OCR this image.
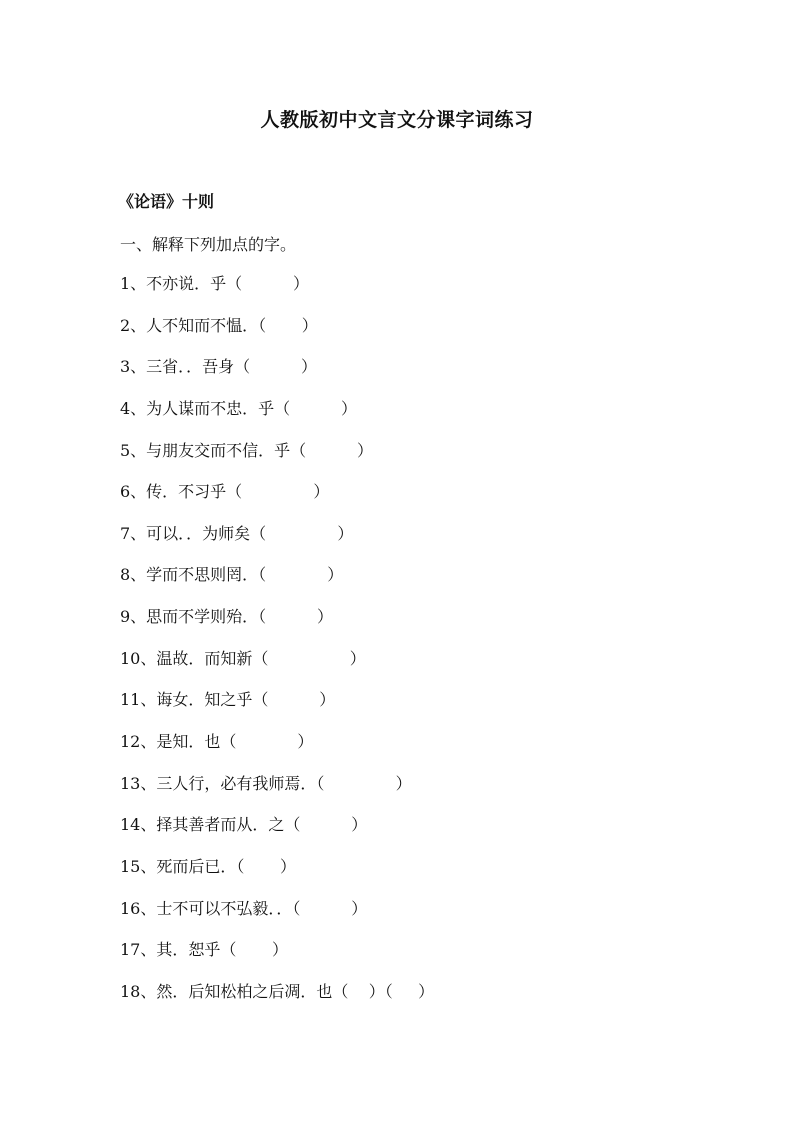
人教版初中文言文分课字词练习
《论语》十则
一、解释下列加点的字。
1、不亦说．乎（          ）
2、人不知而不愠．（       ）
3、三省．．吾身（          ）
4、为人谋而不忠．乎（          ）
5、与朋友交而不信．乎（          ）
6、传．不习乎（              ）
7、可以．．为师矣（              ）
8、学而不思则罔．（            ）
9、思而不学则殆．（          ）
10、温故．而知新（                ）
11、诲女．知之乎（          ）
12、是知．也（            ）
13、三人行，必有我师焉．（              ）
14、择其善者而从．之（          ）
15、死而后已．（       ）
16、士不可以不弘毅．．（          ）
17、其．恕乎（       ）
18、然．后知松柏之后凋．也（    ）（     ）
